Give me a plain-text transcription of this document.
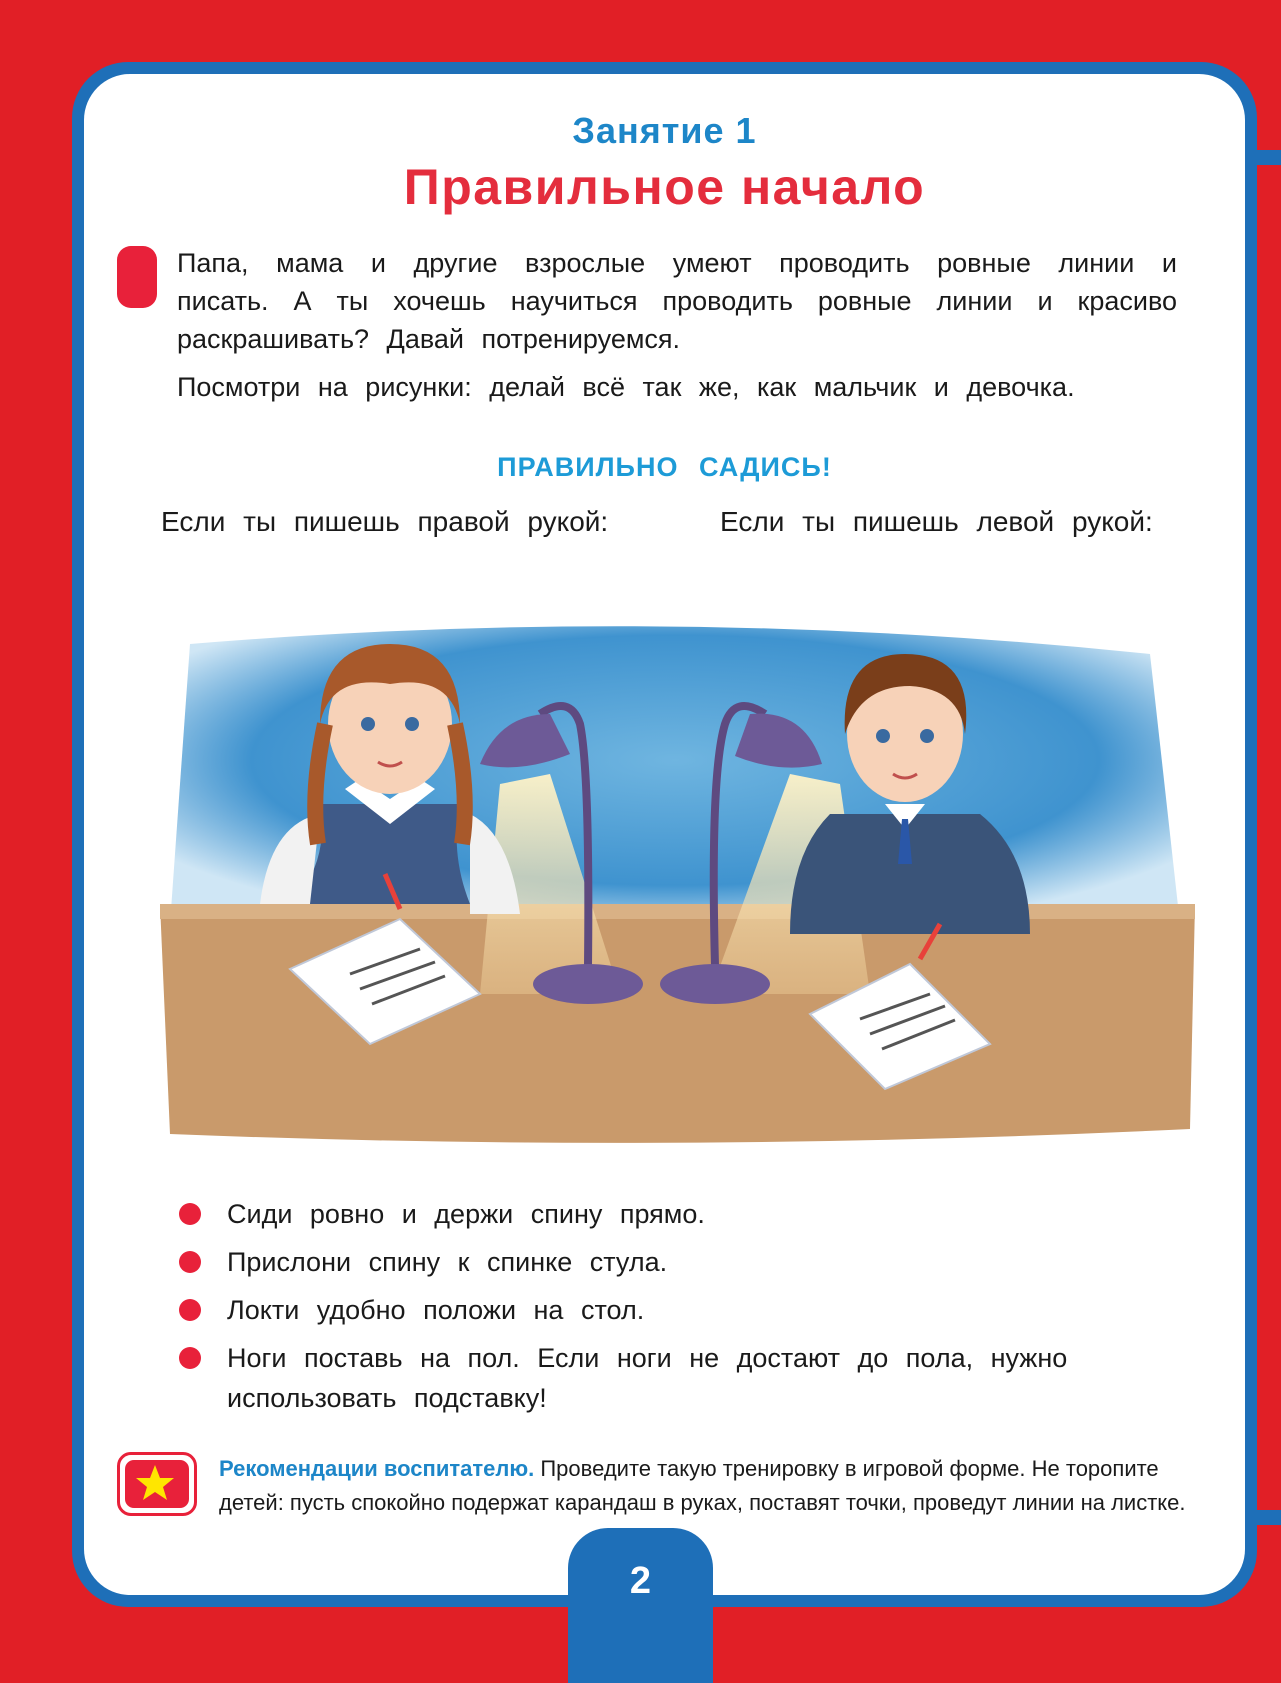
Занятие 1
Правильное начало

Папа, мама и другие взрослые умеют проводить ровные линии и писать. А ты хочешь научиться проводить ровные линии и красиво раскрашивать? Давай потренируемся.

Посмотри на рисунки: делай всё так же, как мальчик и девочка.

ПРАВИЛЬНО САДИСЬ!
Если ты пишешь правой рукой:	Если ты пишешь левой рукой:
Сиди ровно и держи спину прямо.
Прислони спину к спинке стула.
Локти удобно положи на стол.
Ноги поставь на пол. Если ноги не достают до пола, нужно использовать подставку!

Рекомендации воспитателю. Проведите такую тренировку в игровой форме. Не торопите детей: пусть спокойно подержат карандаш в руках, поставят точки, проведут линии на листке.

2
